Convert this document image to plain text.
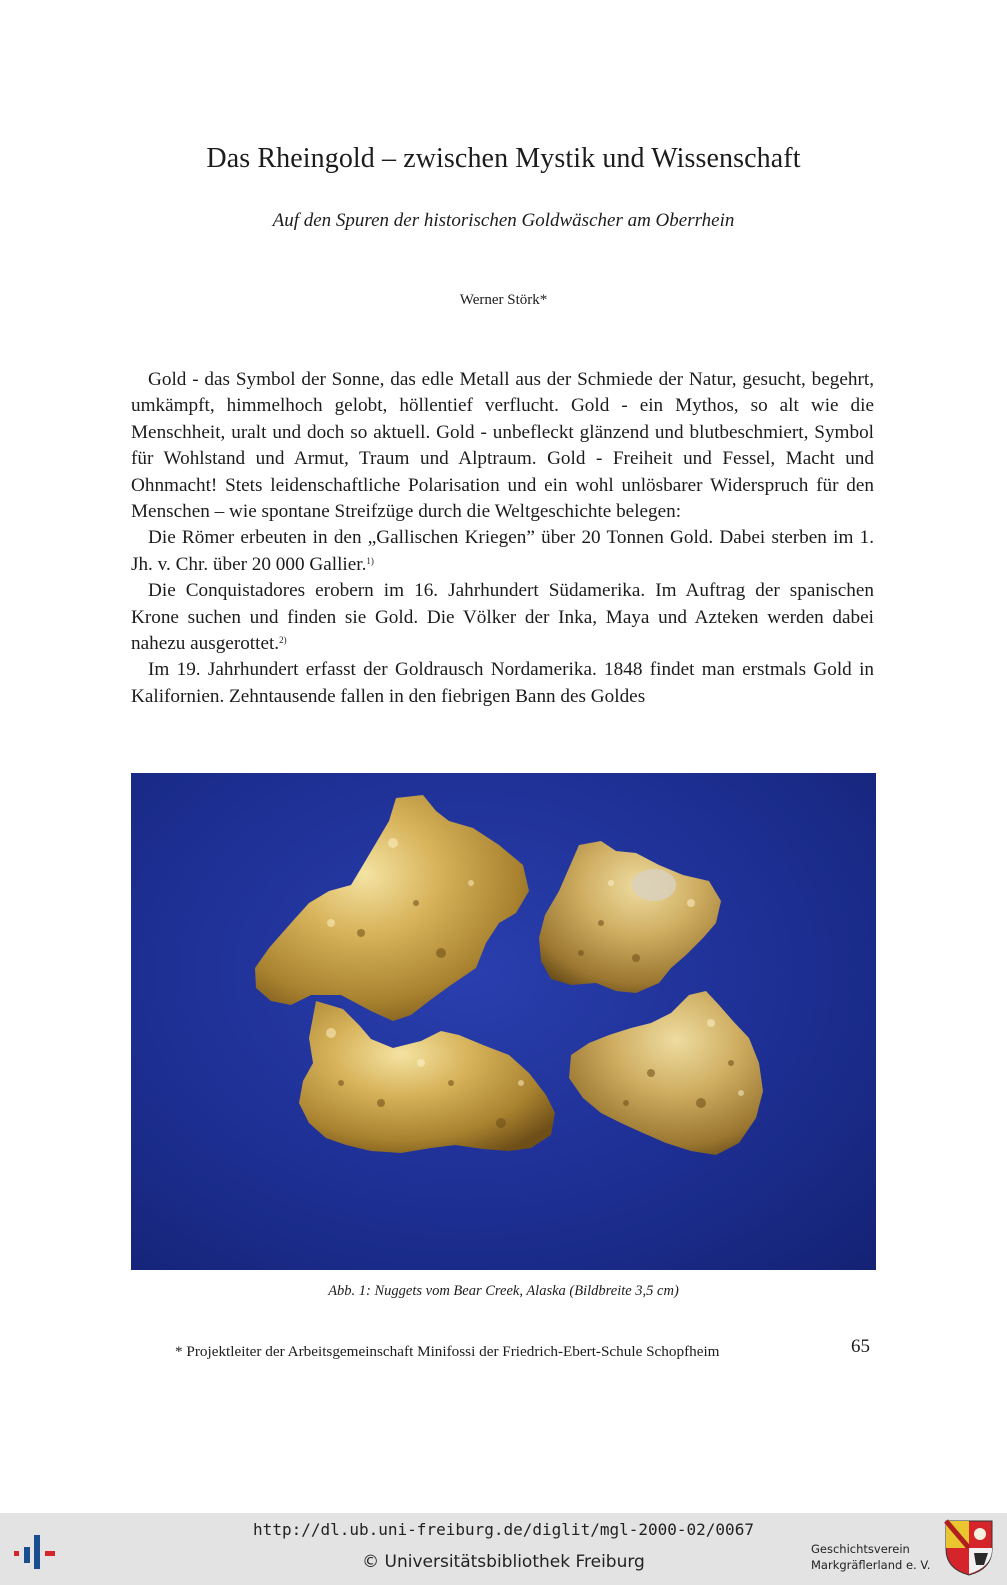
Das Rheingold – zwischen Mystik und Wissenschaft
Auf den Spuren der historischen Goldwäscher am Oberrhein
Werner Störk*

Gold - das Symbol der Sonne, das edle Metall aus der Schmiede der Natur, gesucht, begehrt, umkämpft, himmelhoch gelobt, höllentief verflucht. Gold - ein Mythos, so alt wie die Menschheit, uralt und doch so aktuell. Gold - unbefleckt glänzend und blutbeschmiert, Symbol für Wohlstand und Armut, Traum und Alptraum. Gold - Freiheit und Fessel, Macht und Ohnmacht! Stets leidenschaftliche Polarisation und ein wohl unlösbarer Widerspruch für den Menschen – wie spontane Streifzüge durch die Weltgeschichte belegen:

Die Römer erbeuten in den „Gallischen Kriegen” über 20 Tonnen Gold. Dabei sterben im 1. Jh. v. Chr. über 20 000 Gallier.$^{1)}$

Die Conquistadores erobern im 16. Jahrhundert Südamerika. Im Auftrag der spanischen Krone suchen und finden sie Gold. Die Völker der Inka, Maya und Azteken werden dabei nahezu ausgerottet.$^{2)}$

Im 19. Jahrhundert erfasst der Goldrausch Nordamerika. 1848 findet man erstmals Gold in Kalifornien. Zehntausende fallen in den fiebrigen Bann des Goldes

Abb. 1: Nuggets vom Bear Creek, Alaska (Bildbreite 3,5 cm)
* Projektleiter der Arbeitsgemeinschaft Minifossi der Friedrich-Ebert-Schule Schopfheim	65
http://dl.ub.uni-freiburg.de/diglit/mgl-2000-02/0067
© Universitätsbibliothek Freiburg
Geschichtsverein
Markgräflerland e. V.
